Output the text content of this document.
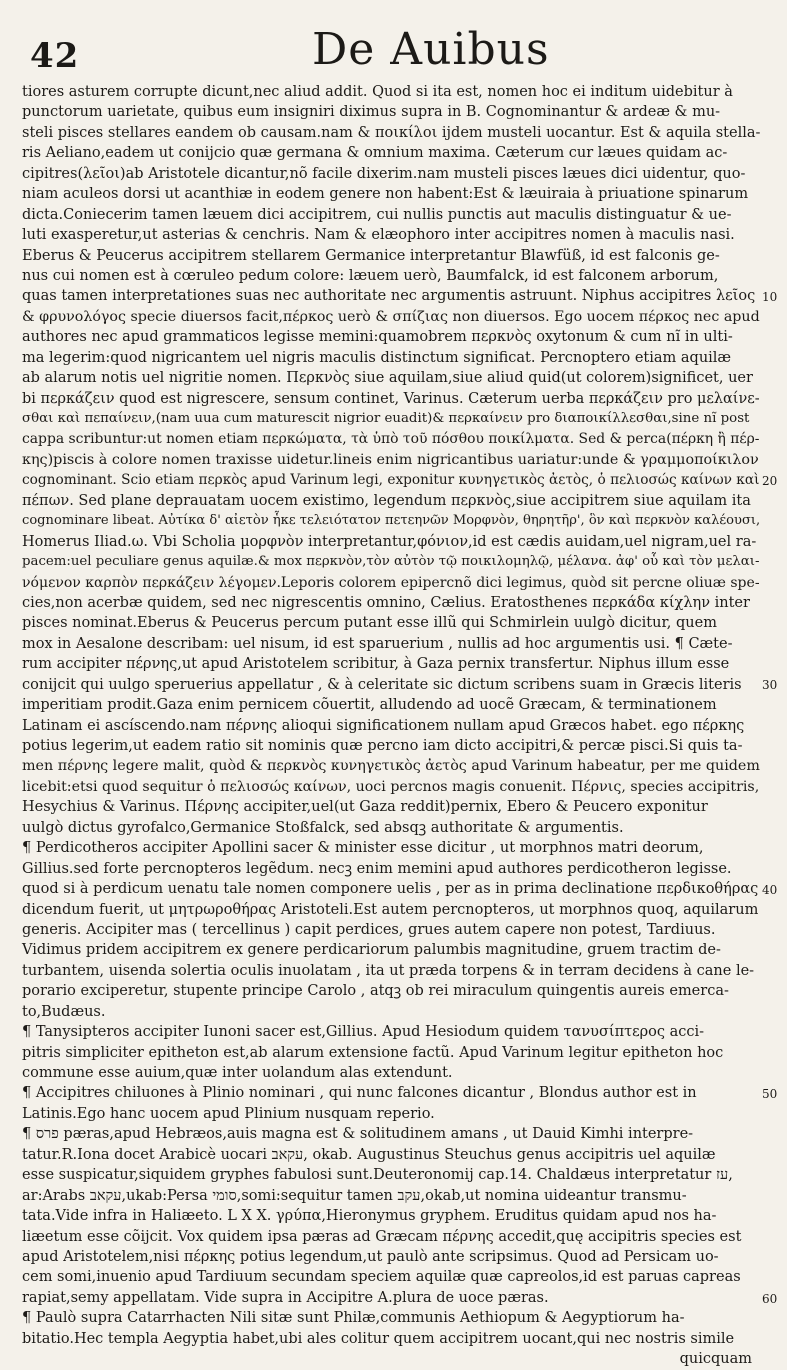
42	De Auibus
tiores asturem corrupte dicunt,nec aliud addit. Quod si ita est, nomen hoc ei inditum uidebitur à
punctorum uarietate, quibus eum insigniri diximus supra in B. Cognominantur & ardeæ & mu-
steli pisces stellares eandem ob causam.nam & ποικίλοι ijdem musteli uocantur. Est & aquila stella-
ris Aeliano,eadem ut conijcio quæ germana & omnium maxima. Cæterum cur læues quidam ac-
cipitres(λεῖοι)ab Aristotele dicantur,nõ facile dixerim.nam musteli pisces læues dici uidentur, quo-
niam aculeos dorsi ut acanthiæ in eodem genere non habent:Est & læuiraia à priuatione spinarum
dicta.Coniecerim tamen læuem dici accipitrem, cui nullis punctis aut maculis distinguatur & ue-
luti exasperetur,ut asterias & cenchris. Nam & elæophoro inter accipitres nomen à maculis nasi.
Eberus & Peucerus accipitrem stellarem Germanice interpretantur Blawfüß, id est falconis ge-
nus cui nomen est à cœruleo pedum colore: læuem uerò, Baumfalck, id est falconem arborum,
quas tamen interpretationes suas nec authoritate nec argumentis astruunt. Niphus accipitres λεῖος
& φρυνολόγος specie diuersos facit,πέρκος uerò & σπίζιας non diuersos. Ego uocem πέρκος nec apud
authores nec apud grammaticos legisse memini:quamobrem περκνὸς oxytonum & cum nĩ in ulti-
ma legerim:quod nigricantem uel nigris maculis distinctum significat. Percnoptero etiam aquilæ
ab alarum notis uel nigritie nomen. Περκνὸς siue aquilam,siue aliud quid(ut colorem)significet, uer
bi περκάζειν quod est nigrescere, sensum continet, Varinus. Cæterum uerba περκάζειν pro μελαίνε-
σθαι καὶ πεπαίνειν,(nam uua cum maturescit nigrior euadit)& περκαίνειν pro διαποικίλλεσθαι,sine nĩ post
cappa scribuntur:ut nomen etiam περκώματα, τὰ ὑπὸ τοῦ πόσθου ποικίλματα. Sed & perca(πέρκη ἢ πέρ-
κης)piscis à colore nomen traxisse uidetur.lineis enim nigricantibus uariatur:unde & γραμμοποίκιλον
cognominant. Scio etiam περκὸς apud Varinum legi, exponitur κυνηγετικὸς ἀετὸς, ὁ πελιοσώς καίνων καὶ
πέπων. Sed plane deprauatam uocem existimo, legendum περκνὸς,siue accipitrem siue aquilam ita
cognominare libeat. Αὐτίκα δ' αἰετὸν ἧκε τελειότατον πετεηνῶν Μορφνὸν, θηρητῆρ', ὃν καὶ περκνὸν καλέουσι,
Homerus Iliad.ω. Vbi Scholia μορφνὸν interpretantur,φόνιον,id est cædis auidam,uel nigram,uel ra-
pacem:uel peculiare genus aquilæ.& mox περκνὸν,τὸν αὐτὸν τῷ ποικιλομηλῷ, μέλανα. ἀφ' οὗ καὶ τὸν μελαι-
νόμενον καρπὸν περκάζειν λέγομεν.Leporis colorem epipercnõ dici legimus, quòd sit percne oliuæ spe-
cies,non acerbæ quidem, sed nec nigrescentis omnino, Cælius. Eratosthenes περκάδα κίχλην inter
pisces nominat.Eberus & Peucerus percum putant esse illũ qui Schmirlein uulgò dicitur, quem
mox in Aesalone describam: uel nisum, id est sparuerium , nullis ad hoc argumentis usi. ¶ Cæte-
rum accipiter πέρνης,ut apud Aristotelem scribitur, à Gaza pernix transfertur. Niphus illum esse
conijcit qui uulgo speruerius appellatur , & à celeritate sic dictum scribens suam in Græcis literis
imperitiam prodit.Gaza enim pernicem cõuertit, alludendo ad uocẽ Græcam, & terminationem
Latinam ei ascíscendo.nam πέρνης alioqui significationem nullam apud Græcos habet. ego πέρκης
potius legerim,ut eadem ratio sit nominis quæ percno iam dicto accipitri,& percæ pisci.Si quis ta-
men πέρνης legere malit, quòd & περκνὸς κυνηγετικὸς ἀετὸς apud Varinum habeatur, per me quidem
licebit:etsi quod sequitur ὁ πελιοσώς καίνων, uoci percnos magis conuenit. Πέρνις, species accipitris,
Hesychius & Varinus. Πέρνης accipiter,uel(ut Gaza reddit)pernix, Ebero & Peucero exponitur
uulgò dictus gyrofalco,Germanice Stoßfalck, sed absqꝫ authoritate & argumentis.
¶ Perdicotheros accipiter Apollini sacer & minister esse dicitur , ut morphnos matri deorum,
Gillius.sed forte percnopteros legẽdum. necꝫ enim memini apud authores perdicotheron legisse.
quod si à perdicum uenatu tale nomen componere uelis , per as in prima declinatione περδικοθήρας
dicendum fuerit, ut μητρωροθήρας Aristoteli.Est autem percnopteros, ut morphnos quoq, aquilarum
generis. Accipiter mas ( tercellinus ) capit perdices, grues autem capere non potest, Tardiuus.
Vidimus pridem accipitrem ex genere perdicariorum palumbis magnitudine, gruem tractim de-
turbantem, uisenda solertia oculis inuolatam , ita ut præda torpens & in terram decidens à cane le-
porario exciperetur, stupente principe Carolo , atqꝫ ob rei miraculum quingentis aureis emerca-
to,Budæus.
¶ Tanysipteros accipiter Iunoni sacer est,Gillius. Apud Hesiodum quidem τανυσίπτερος acci-
pitris simpliciter epitheton est,ab alarum extensione factũ. Apud Varinum legitur epitheton hoc
commune esse auium,quæ inter uolandum alas extendunt.
¶ Accipitres chiluones à Plinio nominari , qui nunc falcones dicantur , Blondus author est in
Latinis.Ego hanc uocem apud Plinium nusquam reperio.
¶ פרס pæras,apud Hebræos,auis magna est & solitudinem amans , ut Dauid Kimhi interpre-
tatur.R.Iona docet Arabicè uocari עקאב, okab. Augustinus Steuchus genus accipitris uel aquilæ
esse suspicatur,siquidem gryphes fabulosi sunt.Deuteronomij cap.14. Chaldæus interpretatur עז,
ar:Arabs עקאב,ukab:Persa סומי,somi:sequitur tamen עקב,okab,ut nomina uideantur transmu-
tata.Vide infra in Haliæeto. L X X. γρύπα,Hieronymus gryphem. Eruditus quidam apud nos ha-
liæetum esse cõijcit. Vox quidem ipsa pæras ad Græcam πέρνης accedit,quę accipitris species est
apud Aristotelem,nisi πέρκης potius legendum,ut paulò ante scripsimus. Quod ad Persicam uo-
cem somi,inuenio apud Tardiuum secundam speciem aquilæ quæ capreolos,id est paruas capreas
rapiat,semy appellatam. Vide supra in Accipitre A.plura de uoce pæras.
¶ Paulò supra Catarrhacten Nili sitæ sunt Philæ,communis Aethiopum & Aegyptiorum ha-
bitatio.Hec templa Aegyptia habet,ubi ales colitur quem accipitrem uocant,qui nec nostris simile
quicquam
10
20
30
40
50
60
